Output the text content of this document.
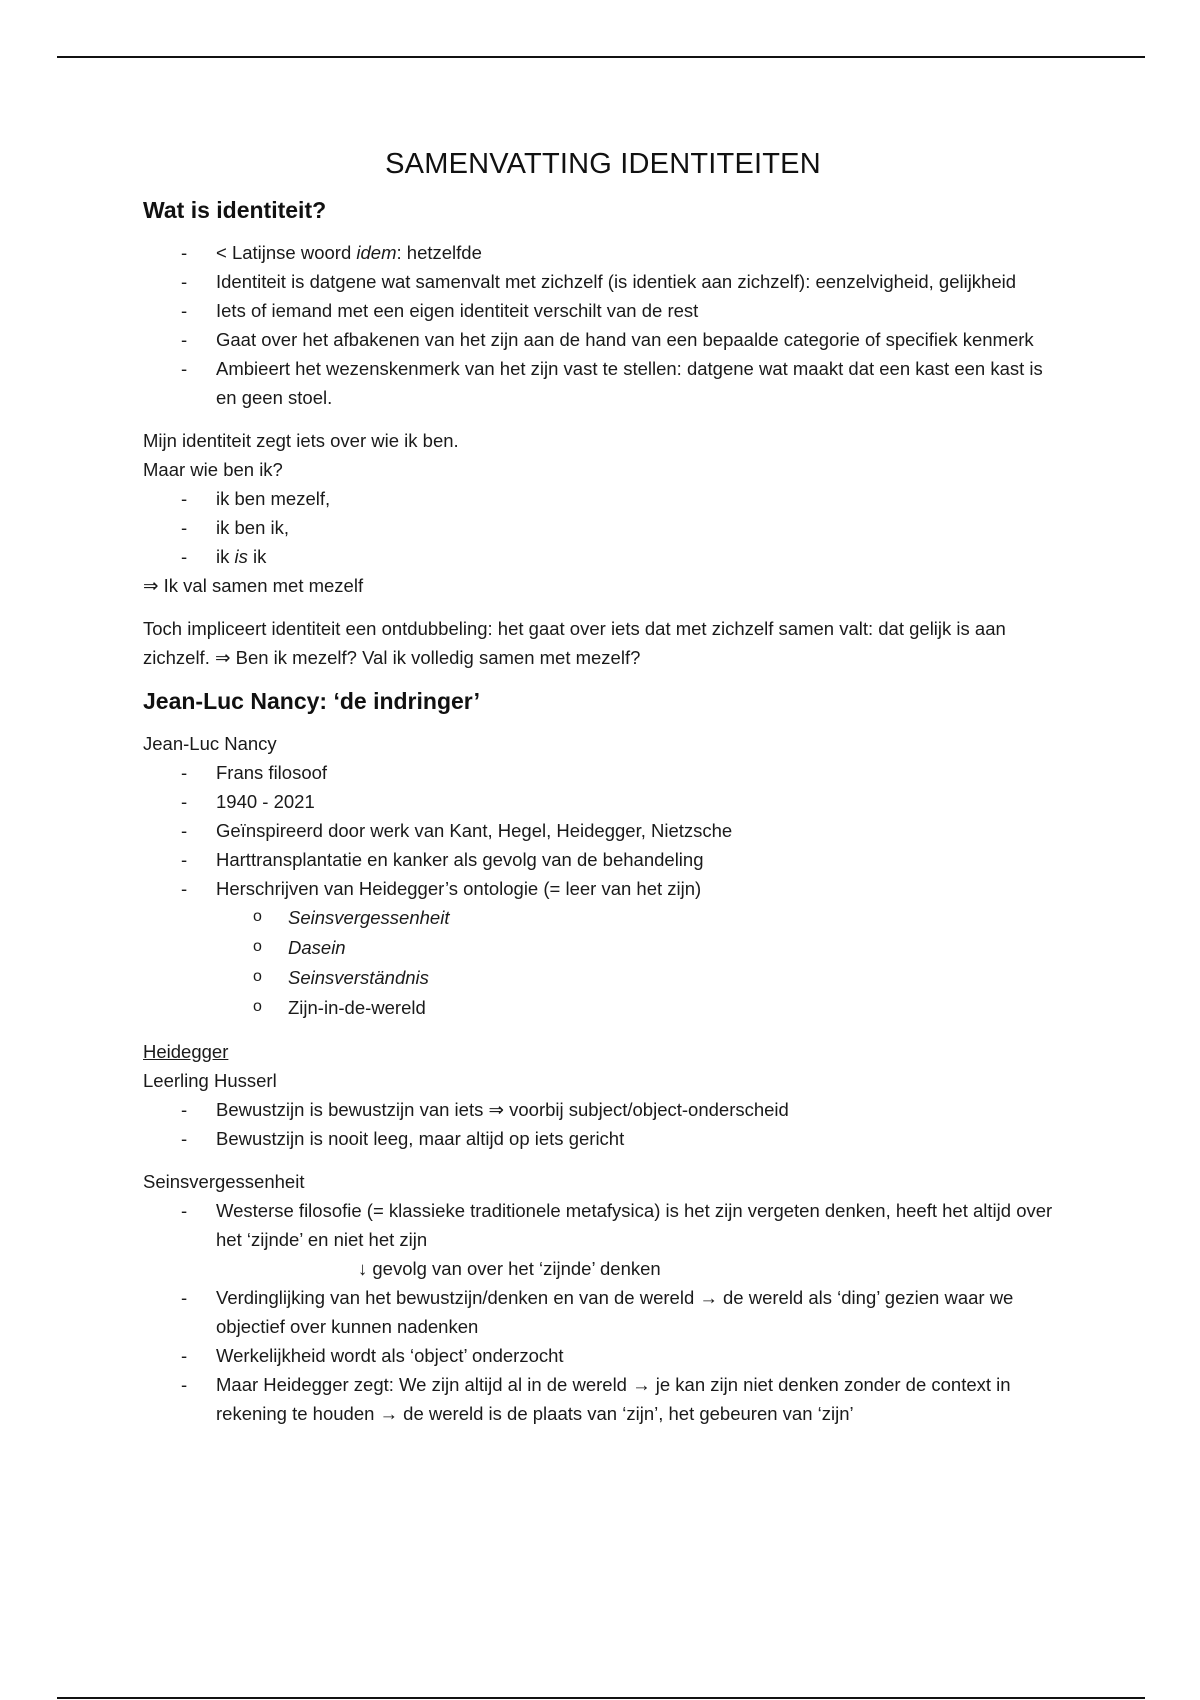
SAMENVATTING IDENTITEITEN
Wat is identiteit?
- < Latijnse woord idem: hetzelfde
- Identiteit is datgene wat samenvalt met zichzelf (is identiek aan zichzelf): eenzelvigheid, gelijkheid
- Iets of iemand met een eigen identiteit verschilt van de rest
- Gaat over het afbakenen van het zijn aan de hand van een bepaalde categorie of specifiek kenmerk
- Ambieert het wezenskenmerk van het zijn vast te stellen: datgene wat maakt dat een kast een kast is en geen stoel.

Mijn identiteit zegt iets over wie ik ben.

Maar wie ben ik?

- ik ben mezelf,
- ik ben ik,
- ik is ik

⇒ Ik val samen met mezelf

Toch impliceert identiteit een ontdubbeling: het gaat over iets dat met zichzelf samen valt: dat gelijk is aan zichzelf. ⇒ Ben ik mezelf? Val ik volledig samen met mezelf?

Jean-Luc Nancy: ‘de indringer’

Jean-Luc Nancy

- Frans filosoof
- 1940 - 2021
- Geïnspireerd door werk van Kant, Hegel, Heidegger, Nietzsche
- Harttransplantatie en kanker als gevolg van de behandeling
- Herschrijven van Heidegger’s ontologie (= leer van het zijn)
o Seinsvergessenheit
o Dasein
o Seinsverständnis
o Zijn-in-de-wereld

Heidegger

Leerling Husserl

- Bewustzijn is bewustzijn van iets ⇒ voorbij subject/object-onderscheid
- Bewustzijn is nooit leeg, maar altijd op iets gericht

Seinsvergessenheit

- Westerse filosofie (= klassieke traditionele metafysica) is het zijn vergeten denken, heeft het altijd over het ‘zijnde’ en niet het zijn
↓ gevolg van over het ‘zijnde’ denken
- Verdinglijking van het bewustzijn/denken en van de wereld → de wereld als ‘ding’ gezien waar we objectief over kunnen nadenken
- Werkelijkheid wordt als ‘object’ onderzocht
- Maar Heidegger zegt: We zijn altijd al in de wereld → je kan zijn niet denken zonder de context in rekening te houden → de wereld is de plaats van ‘zijn’, het gebeuren van ‘zijn’
